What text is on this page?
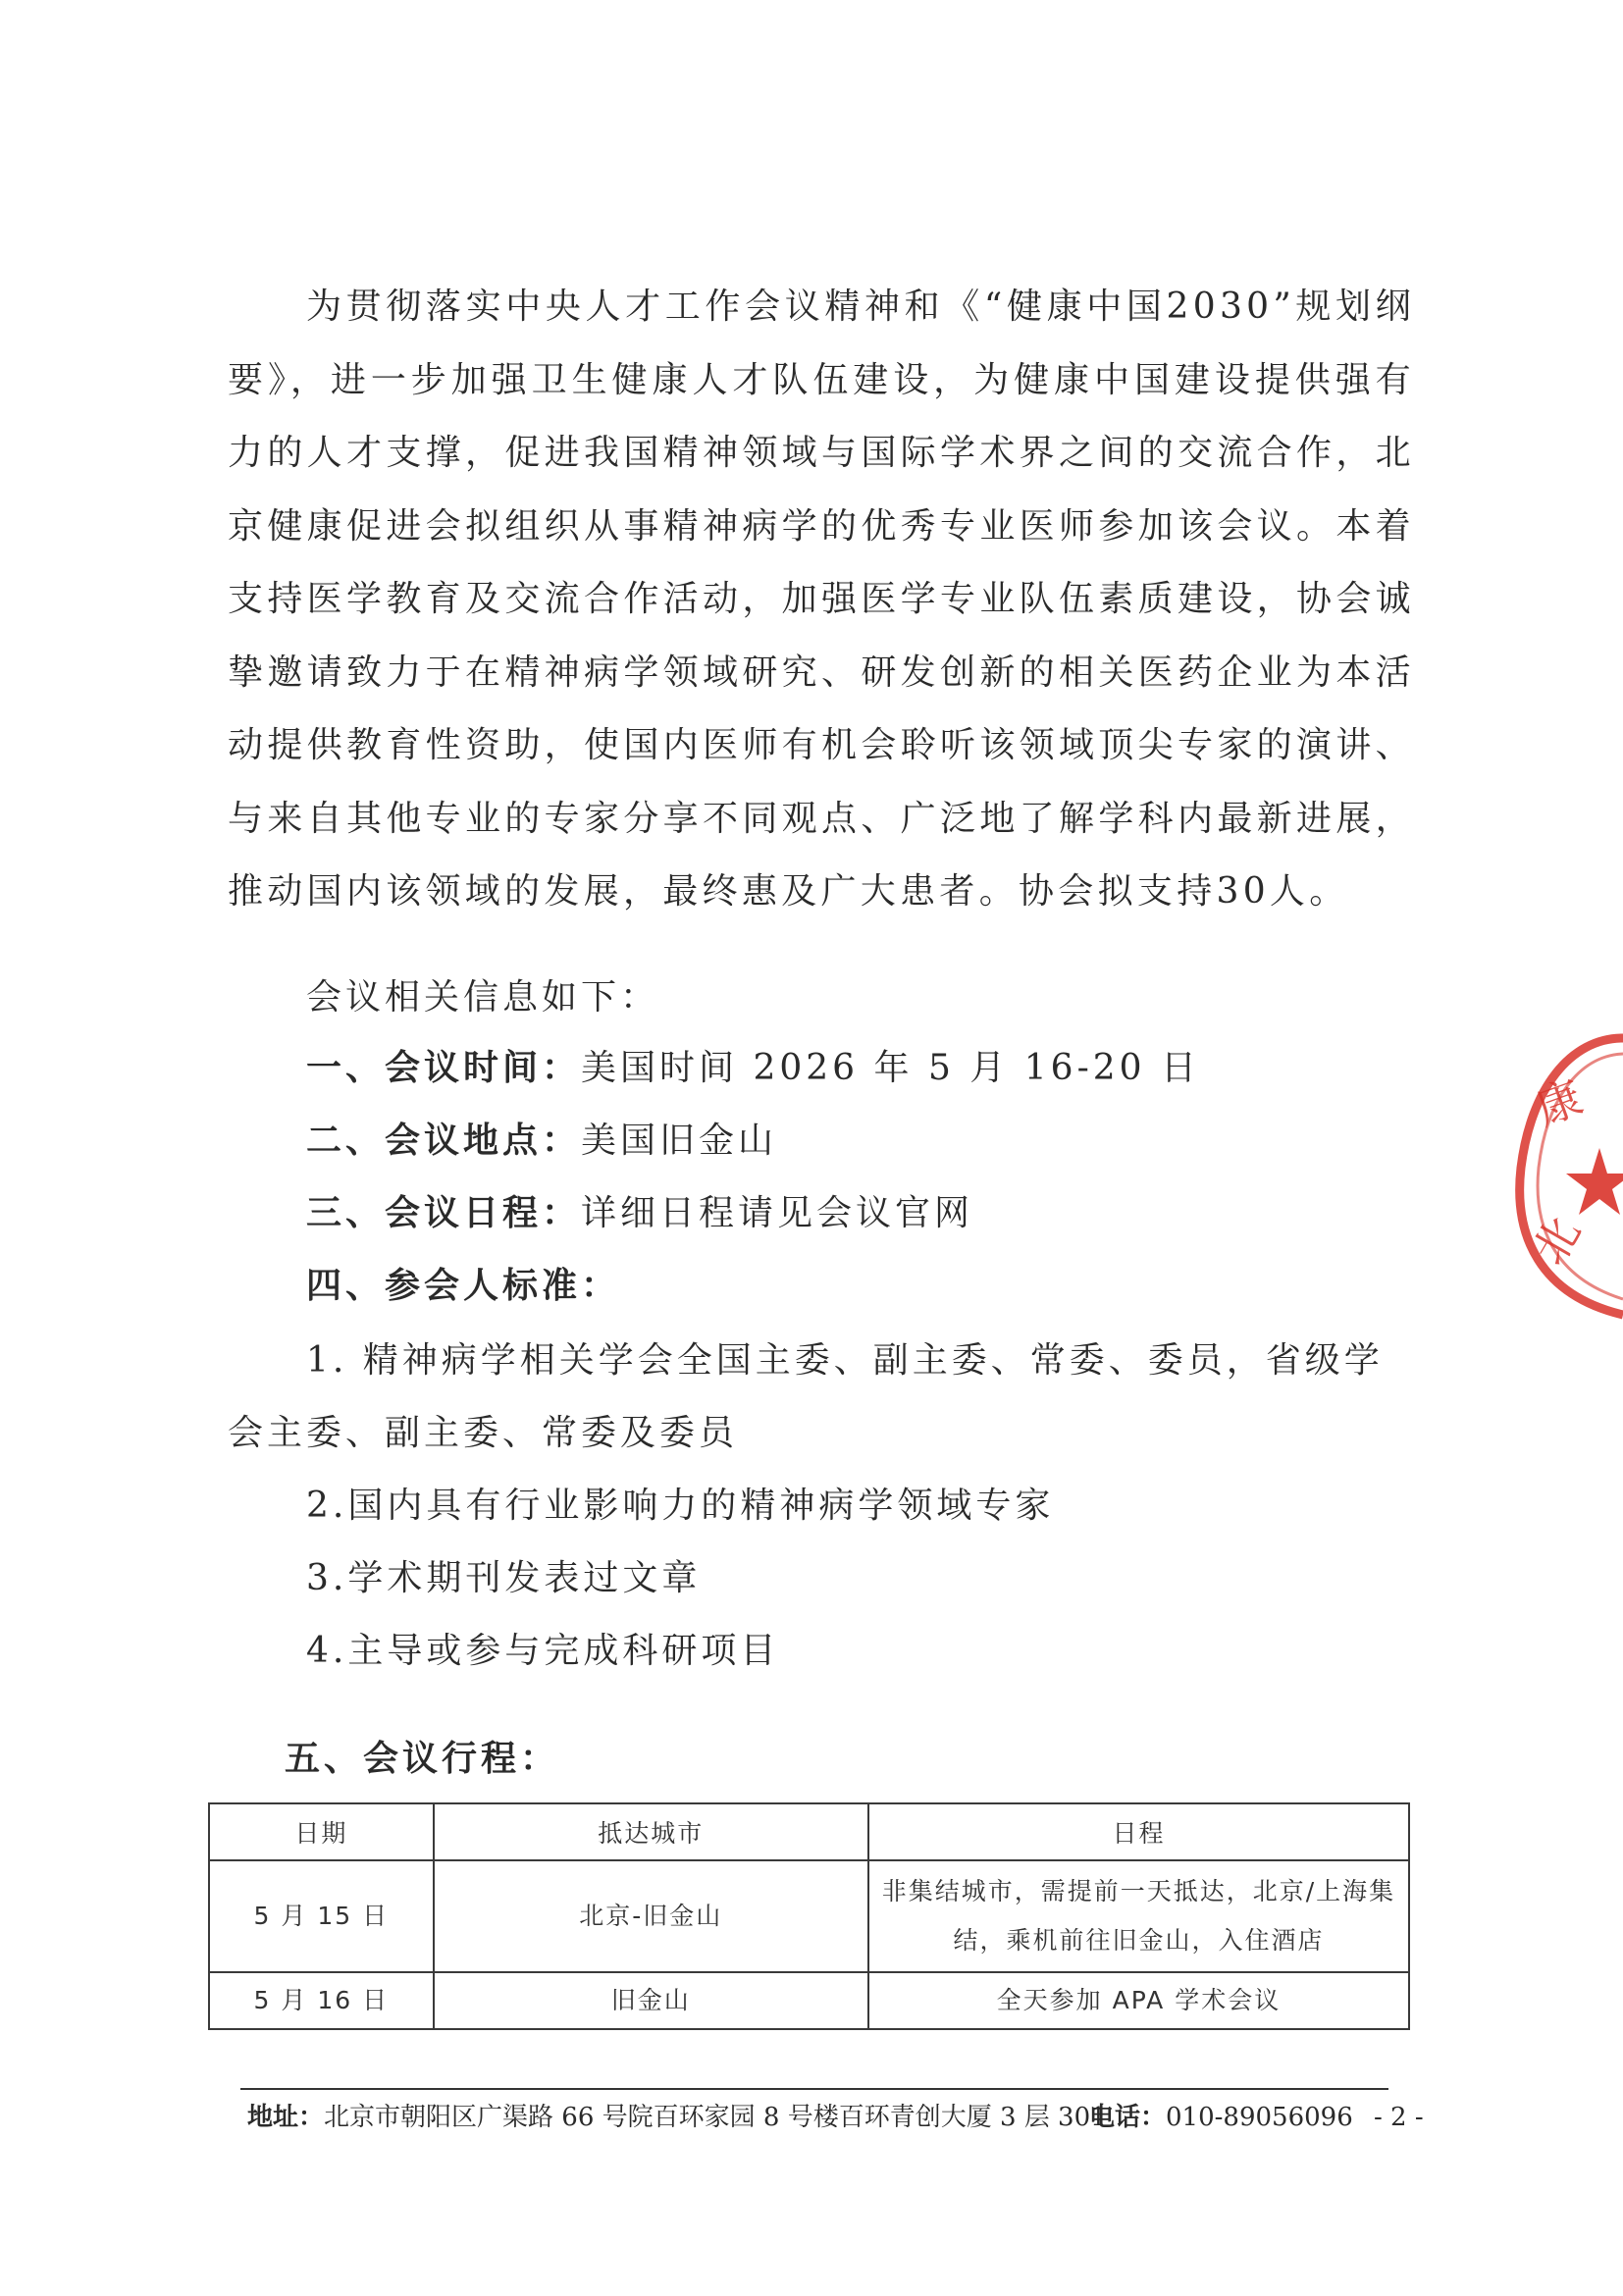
为贯彻落实中央人才工作会议精神和《“健康中国2030”规划纲要》，进一步加强卫生健康人才队伍建设，为健康中国建设提供强有力的人才支撑，促进我国精神领域与国际学术界之间的交流合作，北京健康促进会拟组织从事精神病学的优秀专业医师参加该会议。本着支持医学教育及交流合作活动，加强医学专业队伍素质建设，协会诚挚邀请致力于在精神病学领域研究、研发创新的相关医药企业为本活动提供教育性资助，使国内医师有机会聆听该领域顶尖专家的演讲、与来自其他专业的专家分享不同观点、广泛地了解学科内最新进展，推动国内该领域的发展，最终惠及广大患者。协会拟支持30人。

会议相关信息如下：

一、会议时间：美国时间 2026 年 5 月 16-20 日

二、会议地点：美国旧金山

三、会议日程：详细日程请见会议官网

四、参会人标准：

1. 精神病学相关学会全国主委、副主委、常委、委员，省级学会主委、副主委、常委及委员

2.国内具有行业影响力的精神病学领域专家

3.学术期刊发表过文章

4.主导或参与完成科研项目

五、会议行程：

日期	抵达城市	日程
5 月 15 日	北京-旧金山	非集结城市，需提前一天抵达，北京/上海集结，乘机前往旧金山，入住酒店
5 月 16 日	旧金山	全天参加 APA 学术会议
地址：北京市朝阳区广渠路 66 号院百环家园 8 号楼百环青创大厦 3 层 301
电话：010-89056096 - 2 -
康
北
